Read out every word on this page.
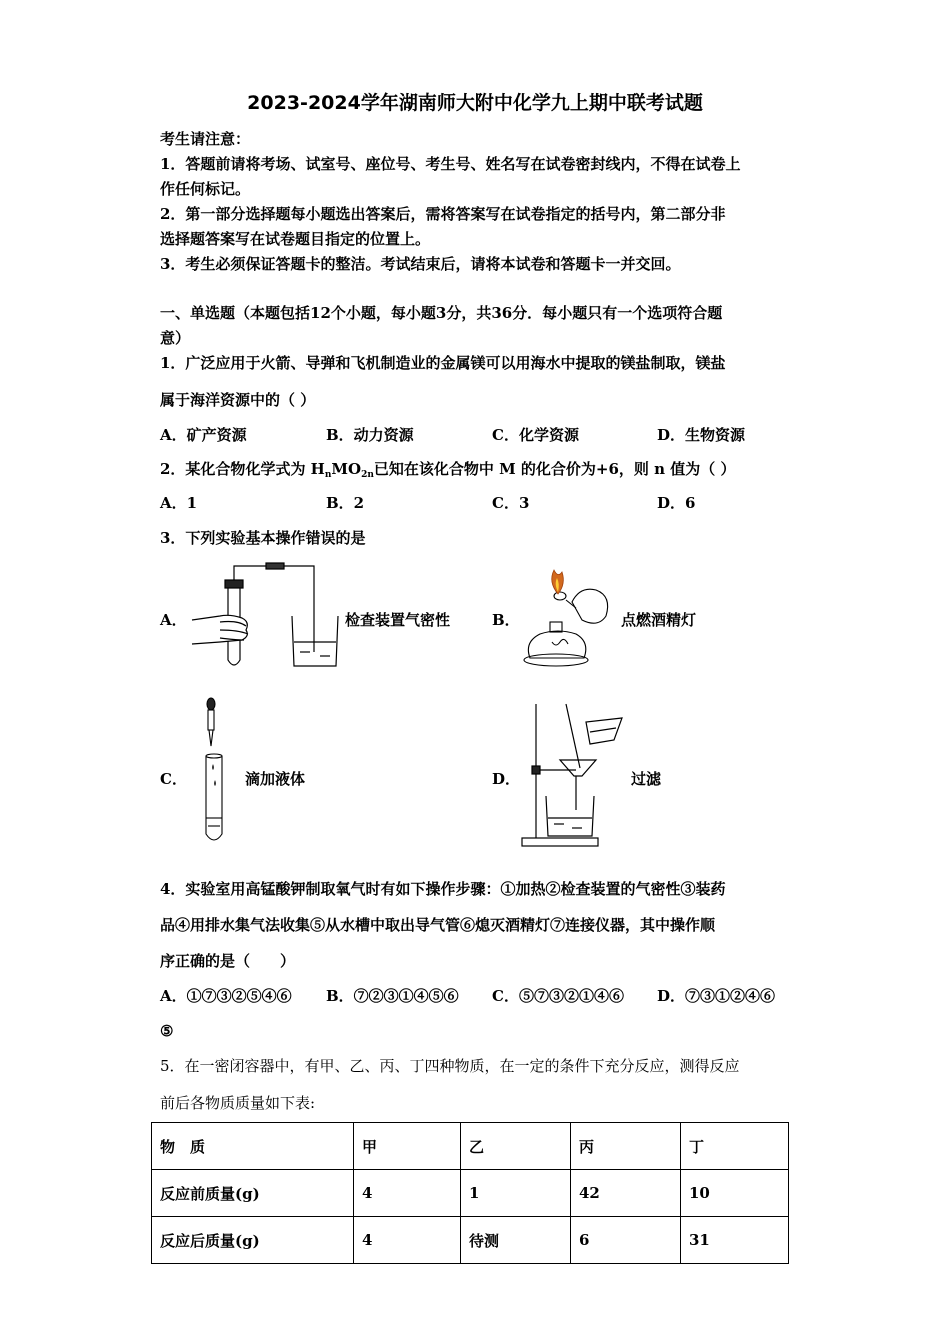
2023-2024学年湖南师大附中化学九上期中联考试题
考生请注意：
1．答题前请将考场、试室号、座位号、考生号、姓名写在试卷密封线内，不得在试卷上
作任何标记。
2．第一部分选择题每小题选出答案后，需将答案写在试卷指定的括号内，第二部分非
选择题答案写在试卷题目指定的位置上。
3．考生必须保证答题卡的整洁。考试结束后，请将本试卷和答题卡一并交回。
一、单选题（本题包括12个小题，每小题3分，共36分．每小题只有一个选项符合题
意）
1．广泛应用于火箭、导弹和飞机制造业的金属镁可以用海水中提取的镁盐制取，镁盐
属于海洋资源中的（ ）
A．矿产资源	B．动力资源	C．化学资源	D．生物资源
2．某化合物化学式为 $H_nMO_{2n}$已知在该化合物中 M 的化合价为+6，则 n 值为（ ）
A．1	B．2	C．3	D．6
3．下列实验基本操作错误的是
A．	检查装置气密性	B．	点燃酒精灯
C．	滴加液体	D．	过滤
4．实验室用高锰酸钾制取氧气时有如下操作步骤：①加热②检查装置的气密性③装药
品④用排水集气法收集⑤从水槽中取出导气管⑥熄灭酒精灯⑦连接仪器，其中操作顺
序正确的是（　　）
A．①⑦③②⑤④⑥ B．⑦②③①④⑤⑥ C．⑤⑦③②①④⑥ D．⑦③①②④⑥
⑤
5．在一密闭容器中，有甲、乙、丙、丁四种物质，在一定的条件下充分反应，测得反应
前后各物质质量如下表:
物　质	甲	乙	丙	丁
反应前质量(g)	4	1	42	10
反应后质量(g)	4	待测	6	31
